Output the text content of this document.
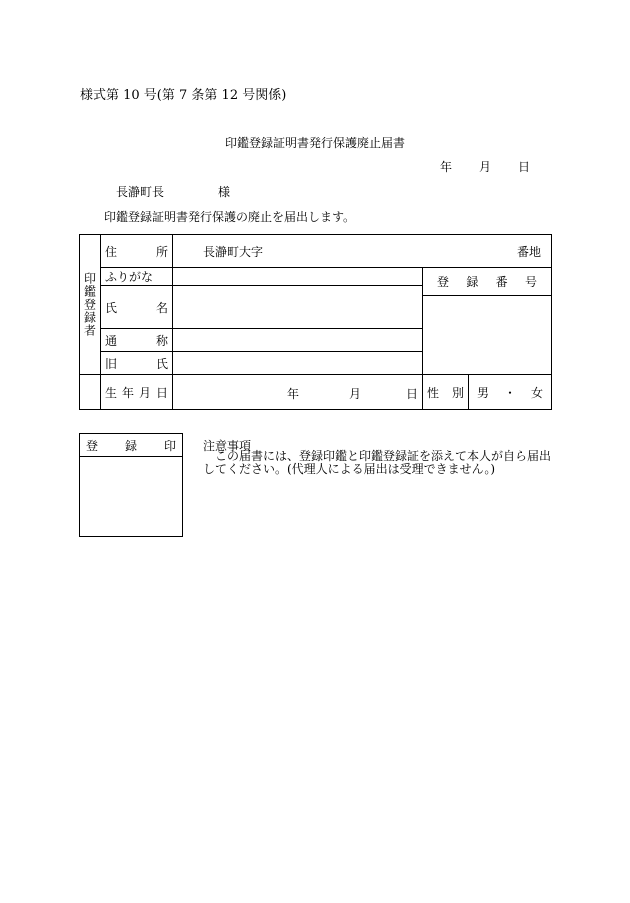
様式第 10 号(第 7 条第 12 号関係)
印鑑登録証明書発行保護廃止届書
年 月 日
長瀞町長	様
印鑑登録証明書発行保護の廃止を届出します。
印鑑登録者	住 所	長瀞町大字 番地		

	ふりがな		登 録 番 号	

	氏 名			

	通 称			

	旧 氏			

	生 年 月 日	年 月 日	性 別	男 ・ 女
登 録 印 注意事項
この届書には、登録印鑑と印鑑登録証を添えて本人が自ら届出してください。(代理人による届出は受理できません。)
